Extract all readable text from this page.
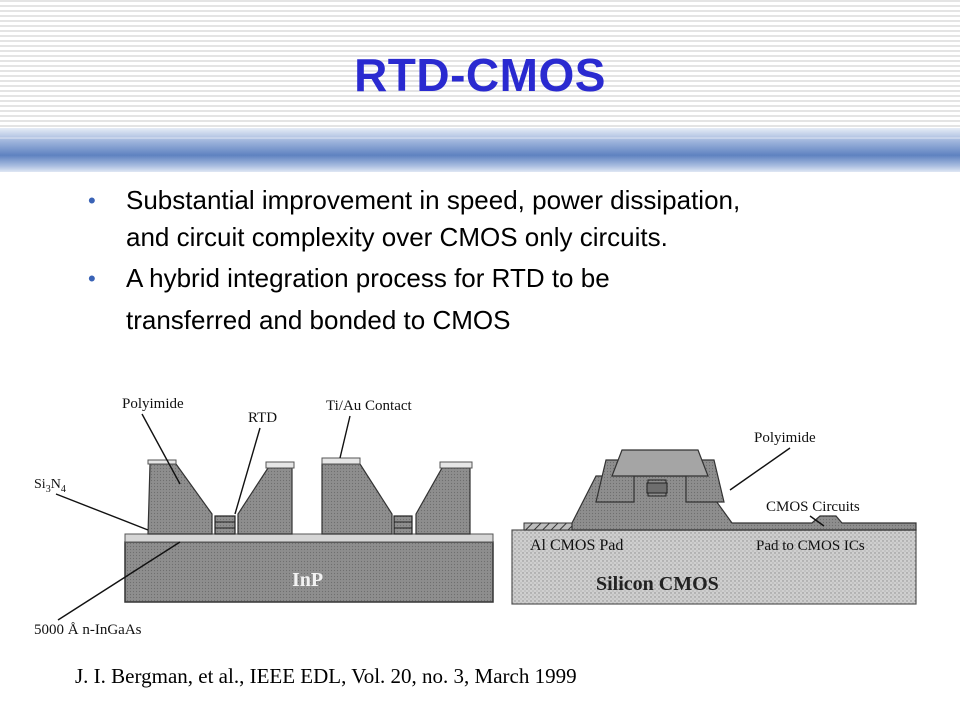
RTD-CMOS
• Substantial improvement in speed, power dissipation,
and circuit complexity over CMOS only circuits.
• A hybrid integration process for RTD to be
transferred and bonded to CMOS
InP
Polyimide
RTD
Ti/Au Contact
$Si_3N_4$
5000 Å n-InGaAs
Al CMOS Pad	Pad to CMOS ICs
Silicon CMOS
Polyimide
CMOS Circuits
J. I. Bergman, et al., IEEE EDL, Vol. 20, no. 3, March 1999
